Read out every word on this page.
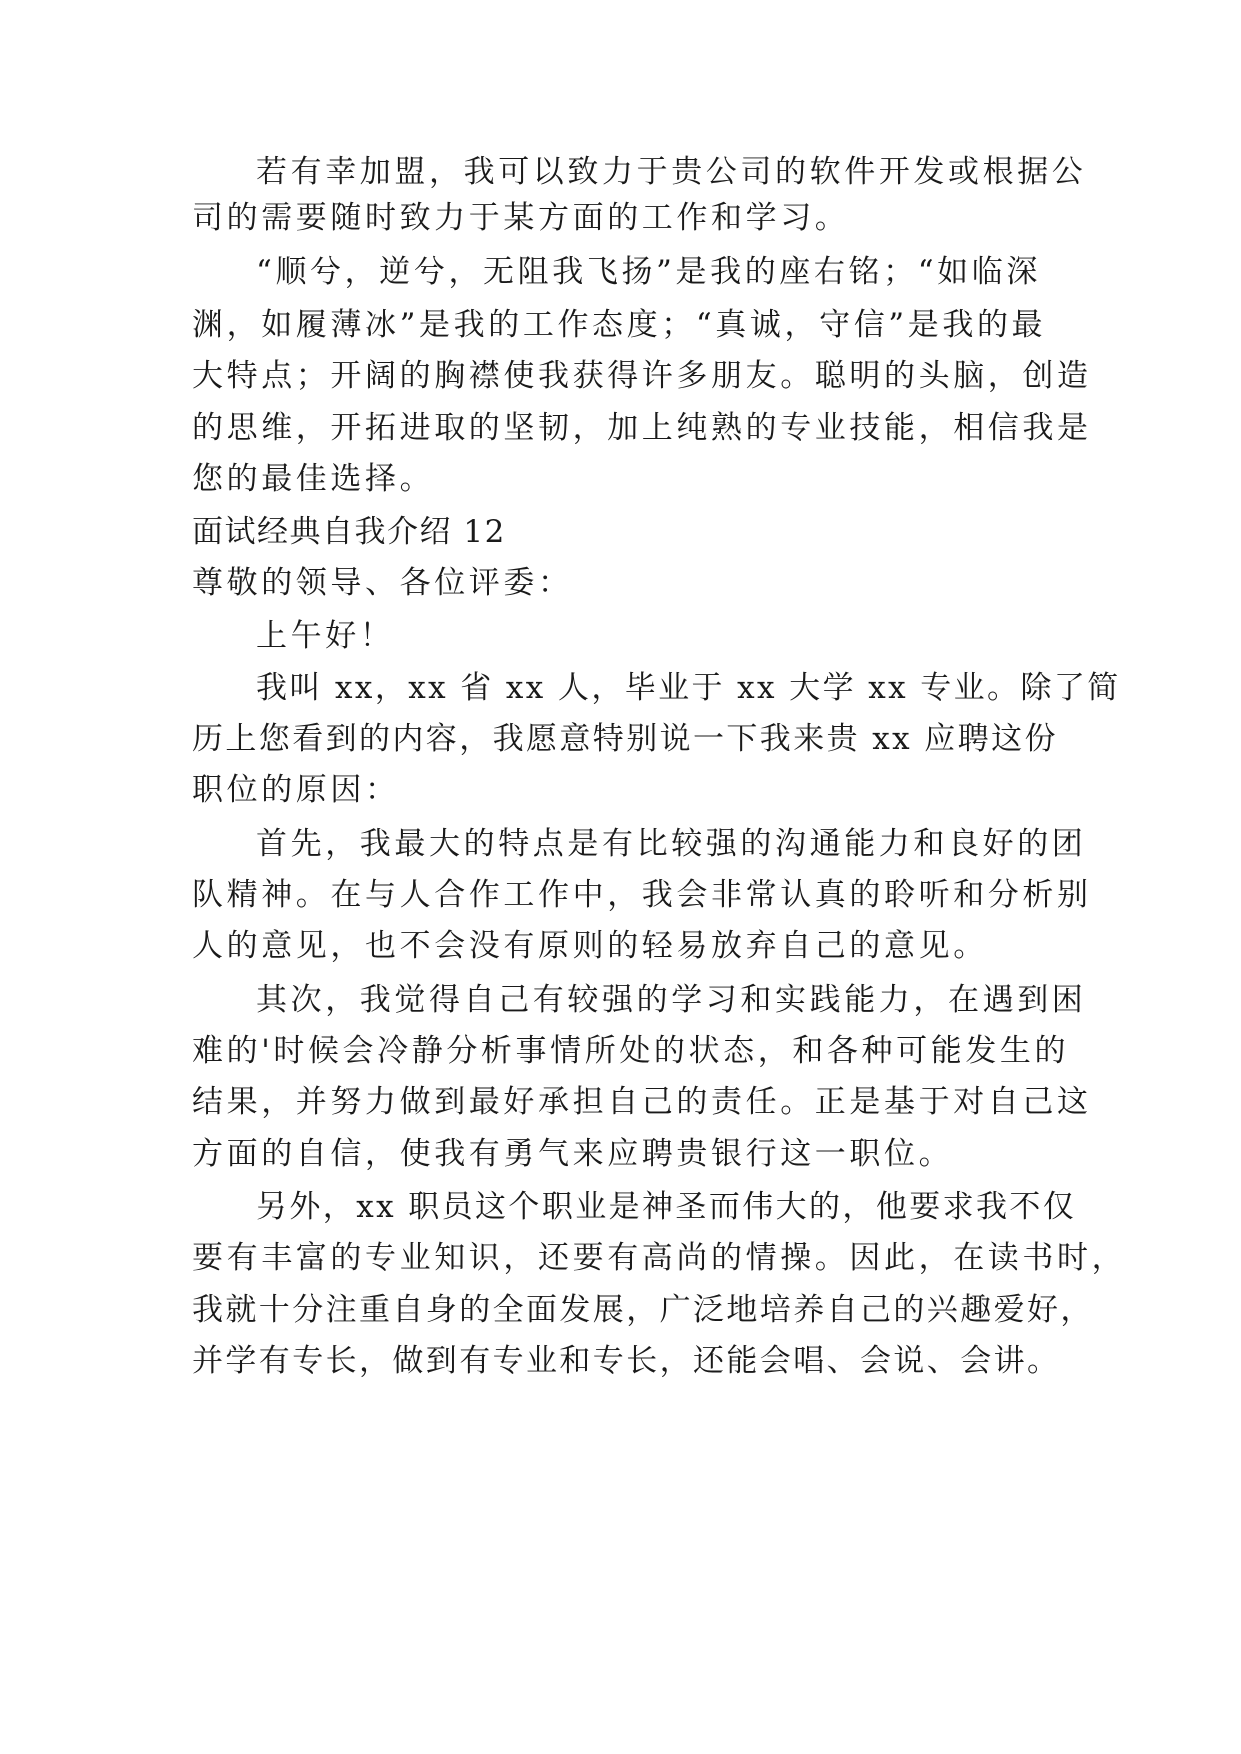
若有幸加盟，我可以致力于贵公司的软件开发或根据公
司的需要随时致力于某方面的工作和学习。
“顺兮，逆兮，无阻我飞扬”是我的座右铭；“如临深
渊，如履薄冰”是我的工作态度；“真诚，守信”是我的最
大特点；开阔的胸襟使我获得许多朋友。聪明的头脑，创造
的思维，开拓进取的坚韧，加上纯熟的专业技能，相信我是
您的最佳选择。
面试经典自我介绍 12
尊敬的领导、各位评委：
上午好！
我叫 xx，xx 省 xx 人，毕业于 xx 大学 xx 专业。除了简
历上您看到的内容，我愿意特别说一下我来贵 xx 应聘这份
职位的原因：
首先，我最大的特点是有比较强的沟通能力和良好的团
队精神。在与人合作工作中，我会非常认真的聆听和分析别
人的意见，也不会没有原则的轻易放弃自己的意见。
其次，我觉得自己有较强的学习和实践能力，在遇到困
难的'时候会冷静分析事情所处的状态，和各种可能发生的
结果，并努力做到最好承担自己的责任。正是基于对自己这
方面的自信，使我有勇气来应聘贵银行这一职位。
另外，xx 职员这个职业是神圣而伟大的，他要求我不仅
要有丰富的专业知识，还要有高尚的情操。因此，在读书时，
我就十分注重自身的全面发展，广泛地培养自己的兴趣爱好，
并学有专长，做到有专业和专长，还能会唱、会说、会讲。
